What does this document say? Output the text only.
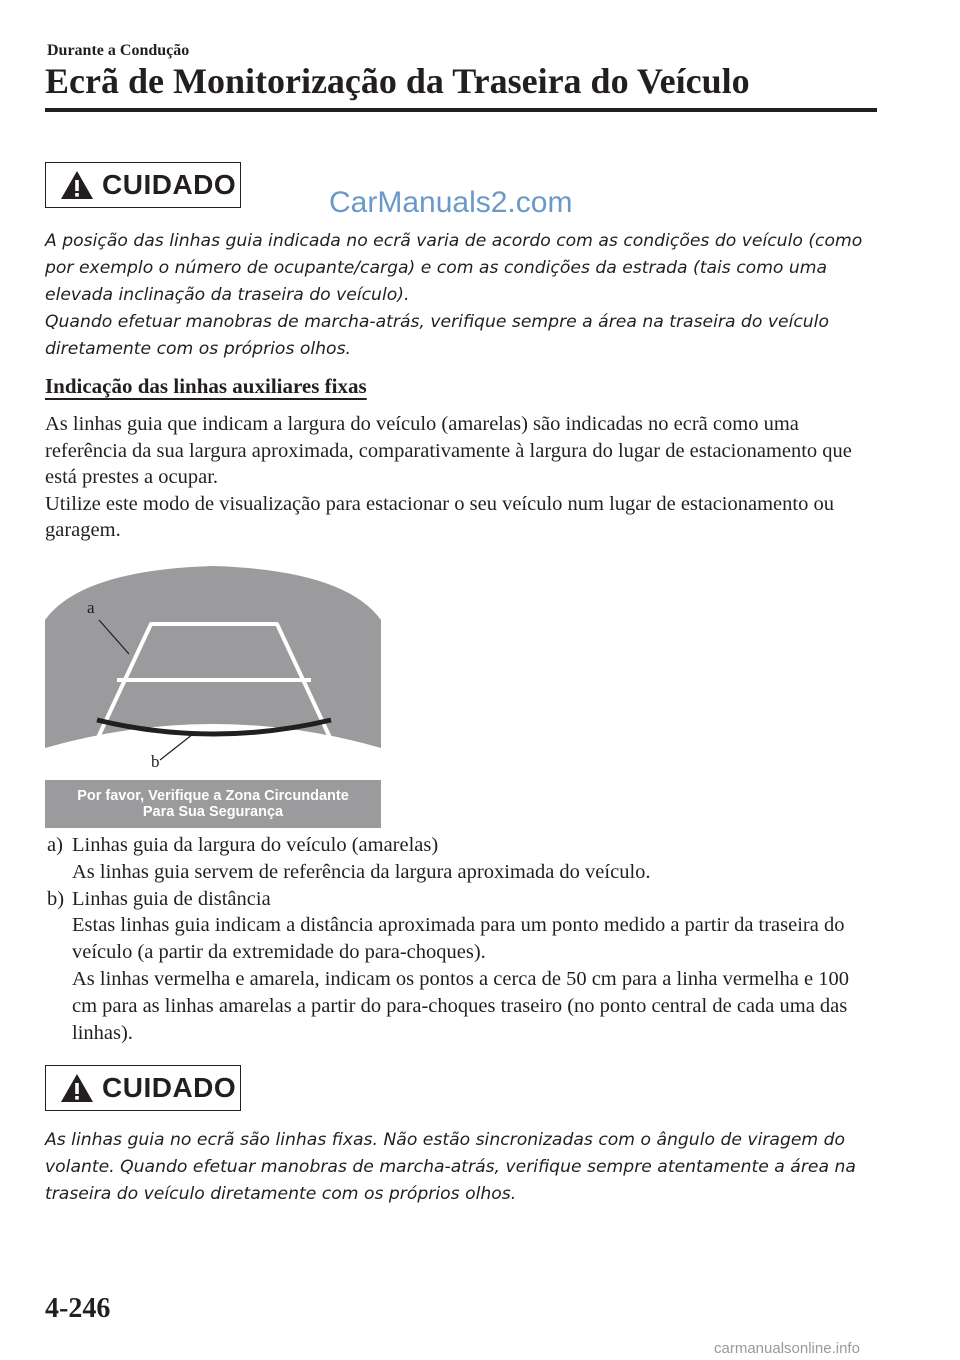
Durante a Condução
Ecrã de Monitorização da Traseira do Veículo
CUIDADO
CarManuals2.com

A posição das linhas guia indicada no ecrã varia de acordo com as condições do veículo (como por exemplo o número de ocupante/carga) e com as condições da estrada (tais como uma elevada inclinação da traseira do veículo).

Quando efetuar manobras de marcha-atrás, verifique sempre a área na traseira do veículo diretamente com os próprios olhos.

Indicação das linhas auxiliares fixas

As linhas guia que indicam a largura do veículo (amarelas) são indicadas no ecrã como uma referência da sua largura aproximada, comparativamente à largura do lugar de estacionamento que está prestes a ocupar.

Utilize este modo de visualização para estacionar o seu veículo num lugar de estacionamento ou garagem.

a
b
Por favor, Verifique a Zona Circundante
Para Sua Segurança
a) Linhas guia da largura do veículo (amarelas)
As linhas guia servem de referência da largura aproximada do veículo.
b) Linhas guia de distância
Estas linhas guia indicam a distância aproximada para um ponto medido a partir da traseira do veículo (a partir da extremidade do para-choques).
As linhas vermelha e amarela, indicam os pontos a cerca de 50 cm para a linha vermelha e 100 cm para as linhas amarelas a partir do para-choques traseiro (no ponto central de cada uma das linhas).
CUIDADO

As linhas guia no ecrã são linhas fixas. Não estão sincronizadas com o ângulo de viragem do volante. Quando efetuar manobras de marcha-atrás, verifique sempre atentamente a área na traseira do veículo diretamente com os próprios olhos.

4-246
carmanualsonline.info
